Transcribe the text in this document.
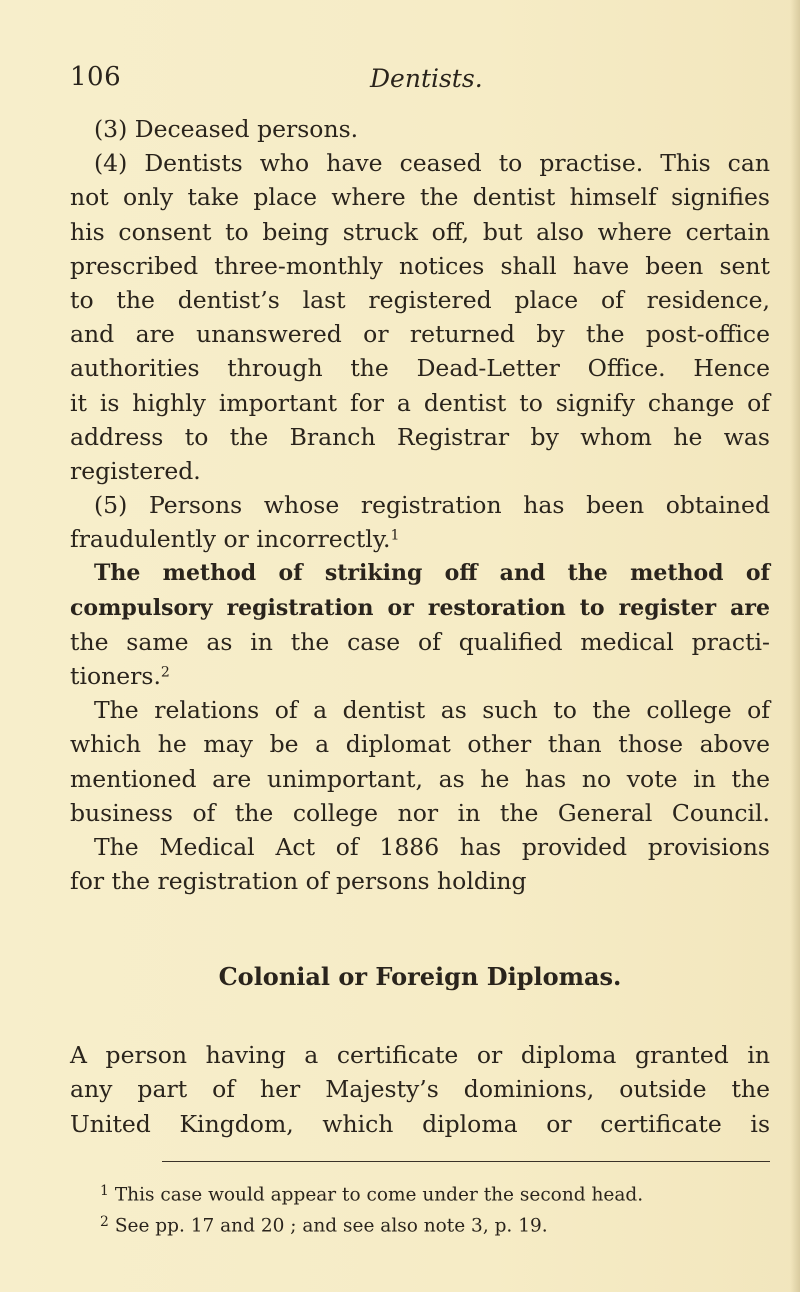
106	Dentists.
(3) Deceased persons.
(4) Dentists who have ceased to practise. This can
not only take place where the dentist himself signifies
his consent to being struck off, but also where certain
prescribed three-monthly notices shall have been sent
to the dentist’s last registered place of residence,
and are unanswered or returned by the post-office
authorities through the Dead-Letter Office. Hence
it is highly important for a dentist to signify change of
address to the Branch Registrar by whom he was
registered.
(5) Persons whose registration has been obtained
fraudulently or incorrectly.$^1$
The method of striking off and the method of
compulsory registration or restoration to register are
the same as in the case of qualified medical practi-
tioners.$^2$
The relations of a dentist as such to the college of
which he may be a diplomat other than those above
mentioned are unimportant, as he has no vote in the
business of the college nor in the General Council.
The Medical Act of 1886 has provided provisions
for the registration of persons holding
Colonial or Foreign Diplomas.
A person having a certificate or diploma granted in
any part of her Majesty’s dominions, outside the
United Kingdom, which diploma or certificate is
$^1$ This case would appear to come under the second head.
$^2$ See pp. 17 and 20 ; and see also note 3, p. 19.
